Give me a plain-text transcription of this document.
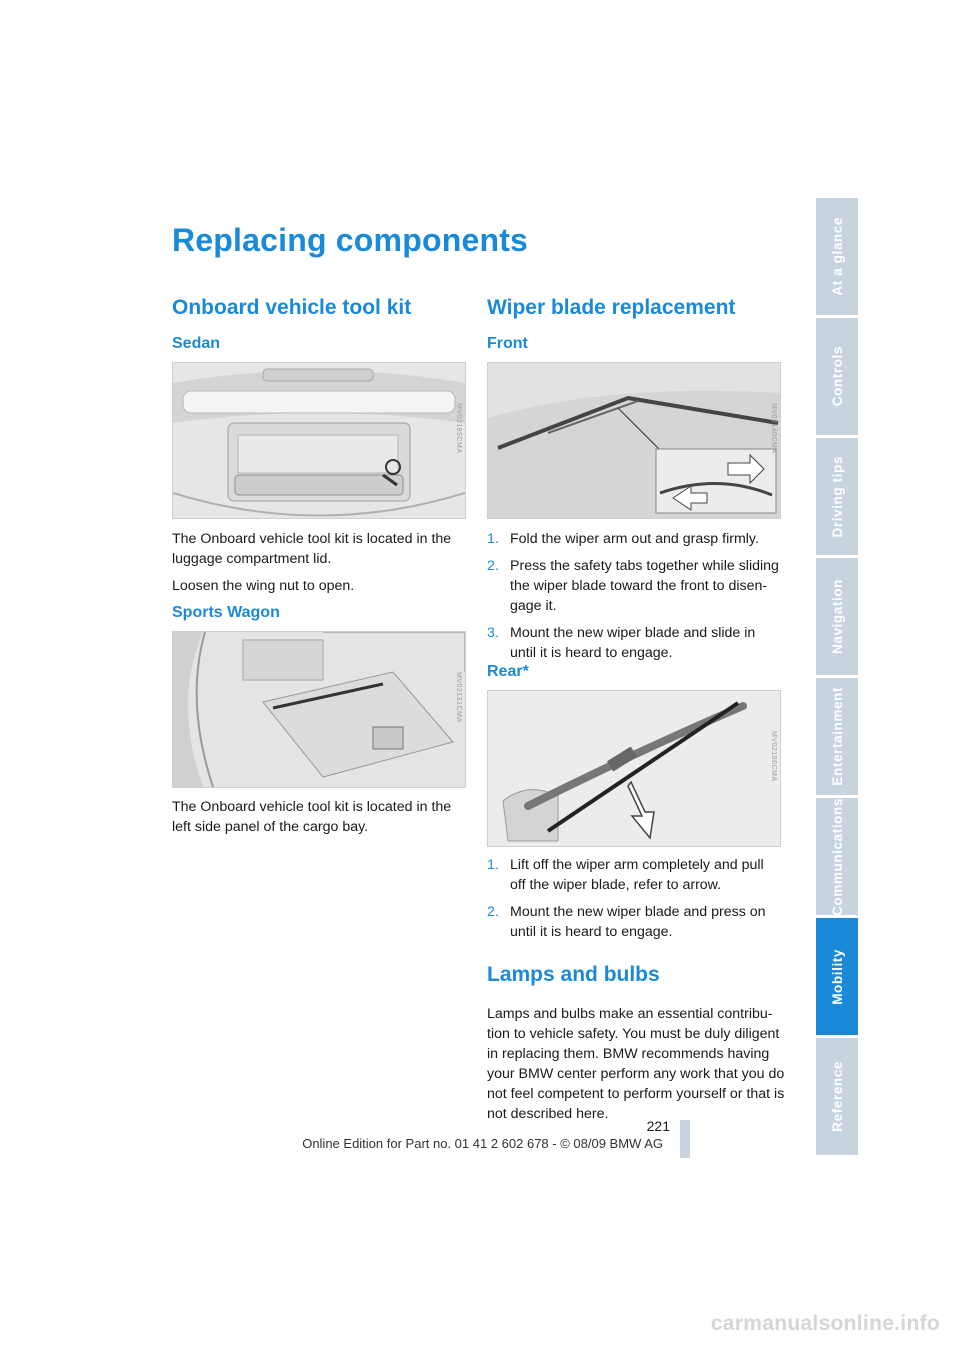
Replacing components
Onboard vehicle tool kit
Sedan
MV02185CMA

The Onboard vehicle tool kit is located in the luggage compartment lid.

Loosen the wing nut to open.

Sports Wagon
MV02131CMA

The Onboard vehicle tool kit is located in the left side panel of the cargo bay.

Wiper blade replacement
Front
MV02140CMA
1. Fold the wiper arm out and grasp firmly.
2. Press the safety tabs together while sliding the wiper blade toward the front to disen-gage it.
3. Mount the new wiper blade and slide in until it is heard to engage.
Rear*
MV02196CMA
1. Lift off the wiper arm completely and pull off the wiper blade, refer to arrow.
2. Mount the new wiper blade and press on until it is heard to engage.
Lamps and bulbs

Lamps and bulbs make an essential contribu-tion to vehicle safety. You must be duly diligent in replacing them. BMW recommends having your BMW center perform any work that you do not feel competent to perform yourself or that is not described here.

At a glance
Controls
Driving tips
Navigation
Entertainment
Communications
Mobility
Reference
221
Online Edition for Part no. 01 41 2 602 678 - © 08/09 BMW AG
carmanualsonline.info
